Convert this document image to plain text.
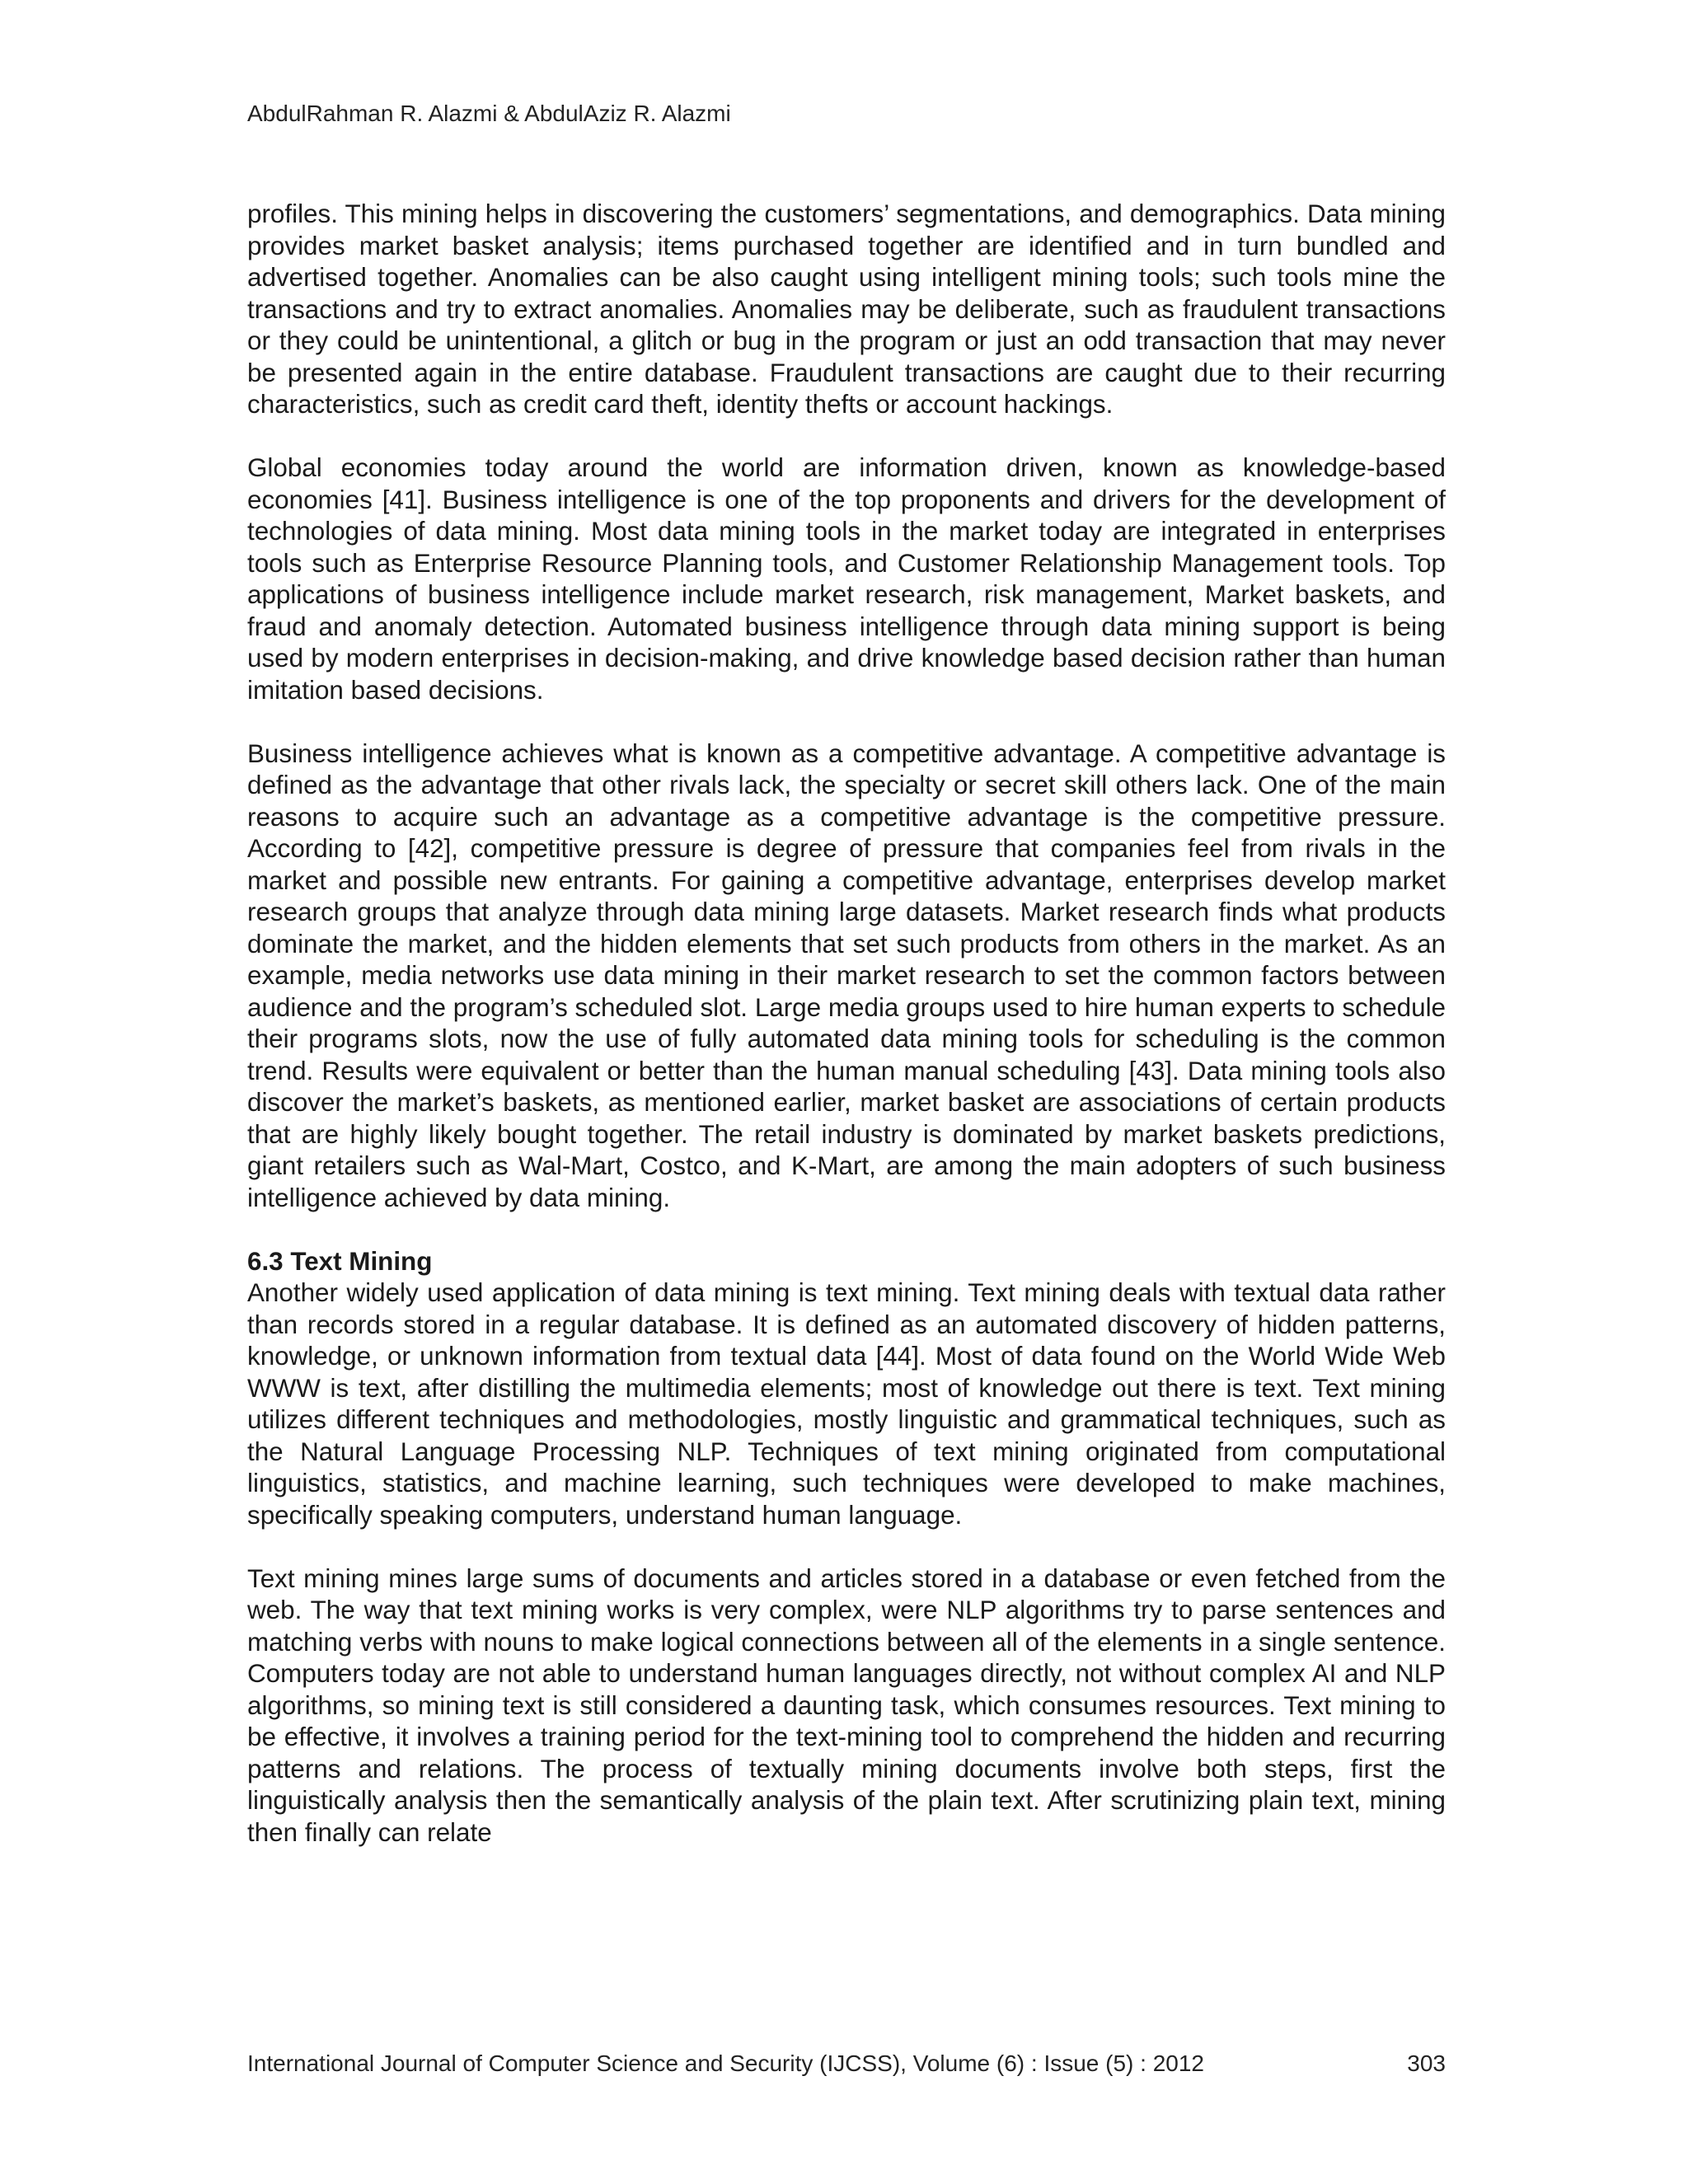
AbdulRahman R. Alazmi & AbdulAziz R. Alazmi

profiles. This mining helps in discovering the customers’ segmentations, and demographics. Data mining provides market basket analysis; items purchased together are identified and in turn bundled and advertised together. Anomalies can be also caught using intelligent mining tools; such tools mine the transactions and try to extract anomalies. Anomalies may be deliberate, such as fraudulent transactions or they could be unintentional, a glitch or bug in the program or just an odd transaction that may never be presented again in the entire database. Fraudulent transactions are caught due to their recurring characteristics, such as credit card theft, identity thefts or account hackings.

Global economies today around the world are information driven, known as knowledge-based economies [41]. Business intelligence is one of the top proponents and drivers for the development of technologies of data mining. Most data mining tools in the market today are integrated in enterprises tools such as Enterprise Resource Planning tools, and Customer Relationship Management tools. Top applications of business intelligence include market research, risk management, Market baskets, and fraud and anomaly detection. Automated business intelligence through data mining support is being used by modern enterprises in decision-making, and drive knowledge based decision rather than human imitation based decisions.

Business intelligence achieves what is known as a competitive advantage. A competitive advantage is defined as the advantage that other rivals lack, the specialty or secret skill others lack. One of the main reasons to acquire such an advantage as a competitive advantage is the competitive pressure. According to [42], competitive pressure is degree of pressure that companies feel from rivals in the market and possible new entrants. For gaining a competitive advantage, enterprises develop market research groups that analyze through data mining large datasets. Market research finds what products dominate the market, and the hidden elements that set such products from others in the market. As an example, media networks use data mining in their market research to set the common factors between audience and the program’s scheduled slot. Large media groups used to hire human experts to schedule their programs slots, now the use of fully automated data mining tools for scheduling is the common trend. Results were equivalent or better than the human manual scheduling [43]. Data mining tools also discover the market’s baskets, as mentioned earlier, market basket are associations of certain products that are highly likely bought together. The retail industry is dominated by market baskets predictions, giant retailers such as Wal-Mart, Costco, and K-Mart, are among the main adopters of such business intelligence achieved by data mining.

6.3 Text Mining

Another widely used application of data mining is text mining. Text mining deals with textual data rather than records stored in a regular database. It is defined as an automated discovery of hidden patterns, knowledge, or unknown information from textual data [44]. Most of data found on the World Wide Web WWW is text, after distilling the multimedia elements; most of knowledge out there is text. Text mining utilizes different techniques and methodologies, mostly linguistic and grammatical techniques, such as the Natural Language Processing NLP. Techniques of text mining originated from computational linguistics, statistics, and machine learning, such techniques were developed to make machines, specifically speaking computers, understand human language.

Text mining mines large sums of documents and articles stored in a database or even fetched from the web. The way that text mining works is very complex, were NLP algorithms try to parse sentences and matching verbs with nouns to make logical connections between all of the elements in a single sentence. Computers today are not able to understand human languages directly, not without complex AI and NLP algorithms, so mining text is still considered a daunting task, which consumes resources. Text mining to be effective, it involves a training period for the text-mining tool to comprehend the hidden and recurring patterns and relations. The process of textually mining documents involve both steps, first the linguistically analysis then the semantically analysis of the plain text. After scrutinizing plain text, mining then finally can relate

International Journal of Computer Science and Security (IJCSS), Volume (6) : Issue (5) : 2012	303
